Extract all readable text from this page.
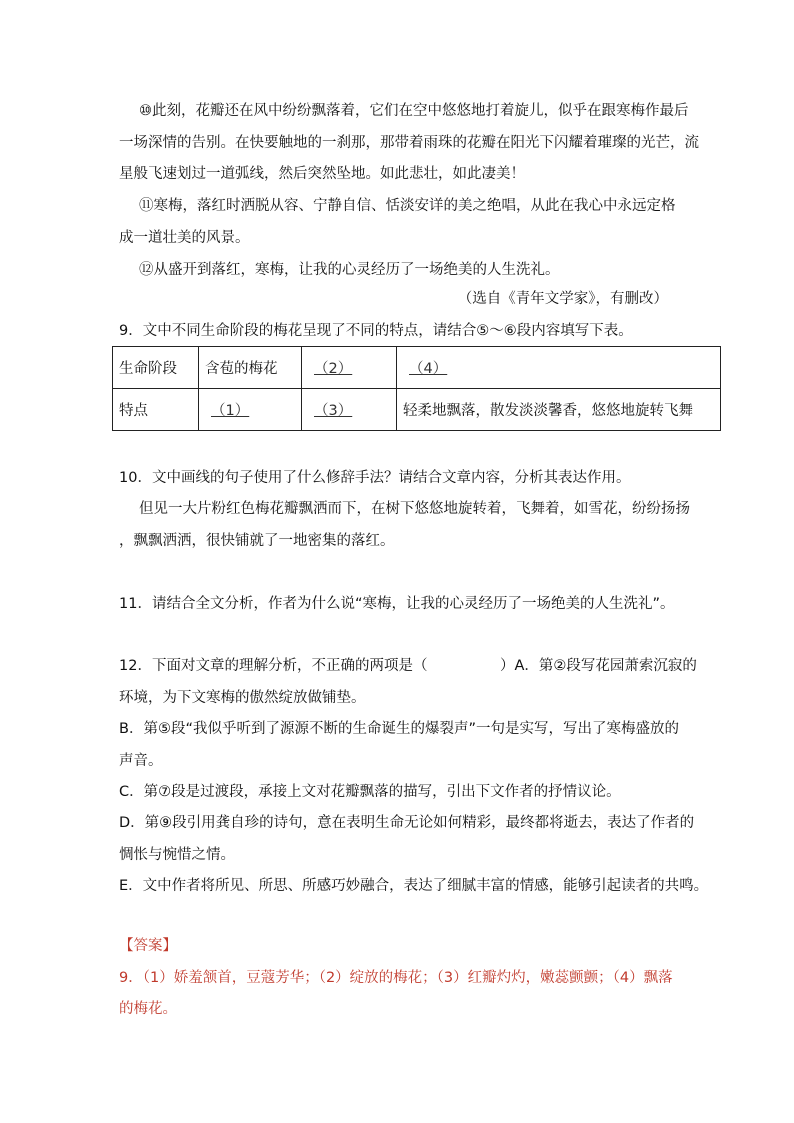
⑩此刻，花瓣还在风中纷纷飘落着，它们在空中悠悠地打着旋儿，似乎在跟寒梅作最后
一场深情的告别。在快要触地的一刹那，那带着雨珠的花瓣在阳光下闪耀着璀璨的光芒，流
星般飞速划过一道弧线，然后突然坠地。如此悲壮，如此凄美！
⑪寒梅，落红时洒脱从容、宁静自信、恬淡安详的美之绝唱，从此在我心中永远定格
成一道壮美的风景。
⑫从盛开到落红，寒梅，让我的心灵经历了一场绝美的人生洗礼。
（选自《青年文学家》，有删改）
9．文中不同生命阶段的梅花呈现了不同的特点，请结合⑤～⑥段内容填写下表。
生命阶段	含苞的梅花	（2）	（4）
特点	（1）	（3）	轻柔地飘落，散发淡淡馨香，悠悠地旋转飞舞
10．文中画线的句子使用了什么修辞手法？请结合文章内容，分析其表达作用。
但见一大片粉红色梅花瓣飘洒而下，在树下悠悠地旋转着，飞舞着，如雪花，纷纷扬扬
，飘飘洒洒，很快铺就了一地密集的落红。
11．请结合全文分析，作者为什么说“寒梅，让我的心灵经历了一场绝美的人生洗礼”。
12．下面对文章的理解分析，不正确的两项是（　　　　　）A．第②段写花园萧索沉寂的
环境，为下文寒梅的傲然绽放做铺垫。
B．第⑤段“我似乎听到了源源不断的生命诞生的爆裂声”一句是实写，写出了寒梅盛放的
声音。
C．第⑦段是过渡段，承接上文对花瓣飘落的描写，引出下文作者的抒情议论。
D．第⑨段引用龚自珍的诗句，意在表明生命无论如何精彩，最终都将逝去，表达了作者的
惆怅与惋惜之情。
E．文中作者将所见、所思、所感巧妙融合，表达了细腻丰富的情感，能够引起读者的共鸣。
【答案】
9．（1）娇羞颔首，豆蔻芳华；（2）绽放的梅花；（3）红瓣灼灼，嫩蕊颤颤；（4）飘落
的梅花。
